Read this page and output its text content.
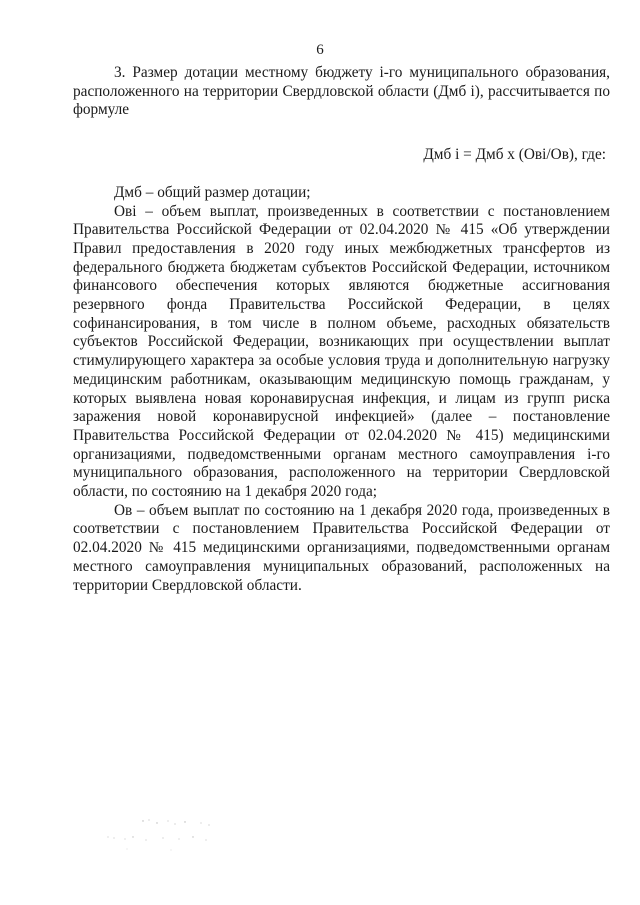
6

3. Размер дотации местному бюджету i-го муниципального образования, расположенного на территории Свердловской области (Дмб i), рассчитывается по формуле

Дмб i = Дмб x (Ові/Ов), где:

Дмб – общий размер дотации;

Ові – объем выплат, произведенных в соответствии с постановлением Правительства Российской Федерации от 02.04.2020 № 415 «Об утверждении Правил предоставления в 2020 году иных межбюджетных трансфертов из федерального бюджета бюджетам субъектов Российской Федерации, источником финансового обеспечения которых являются бюджетные ассигнования резервного фонда Правительства Российской Федерации, в целях софинансирования, в том числе в полном объеме, расходных обязательств субъектов Российской Федерации, возникающих при осуществлении выплат стимулирующего характера за особые условия труда и дополнительную нагрузку медицинским работникам, оказывающим медицинскую помощь гражданам, у которых выявлена новая коронавирусная инфекция, и лицам из групп риска заражения новой коронавирусной инфекцией» (далее – постановление Правительства Российской Федерации от 02.04.2020 № 415) медицинскими организациями, подведомственными органам местного самоуправления i-го муниципального образования, расположенного на территории Свердловской области, по состоянию на 1 декабря 2020 года;

Ов – объем выплат по состоянию на 1 декабря 2020 года, произведенных в соответствии с постановлением Правительства Российской Федерации от 02.04.2020 № 415 медицинскими организациями, подведомственными органам местного самоуправления муниципальных образований, расположенных на территории Свердловской области.
